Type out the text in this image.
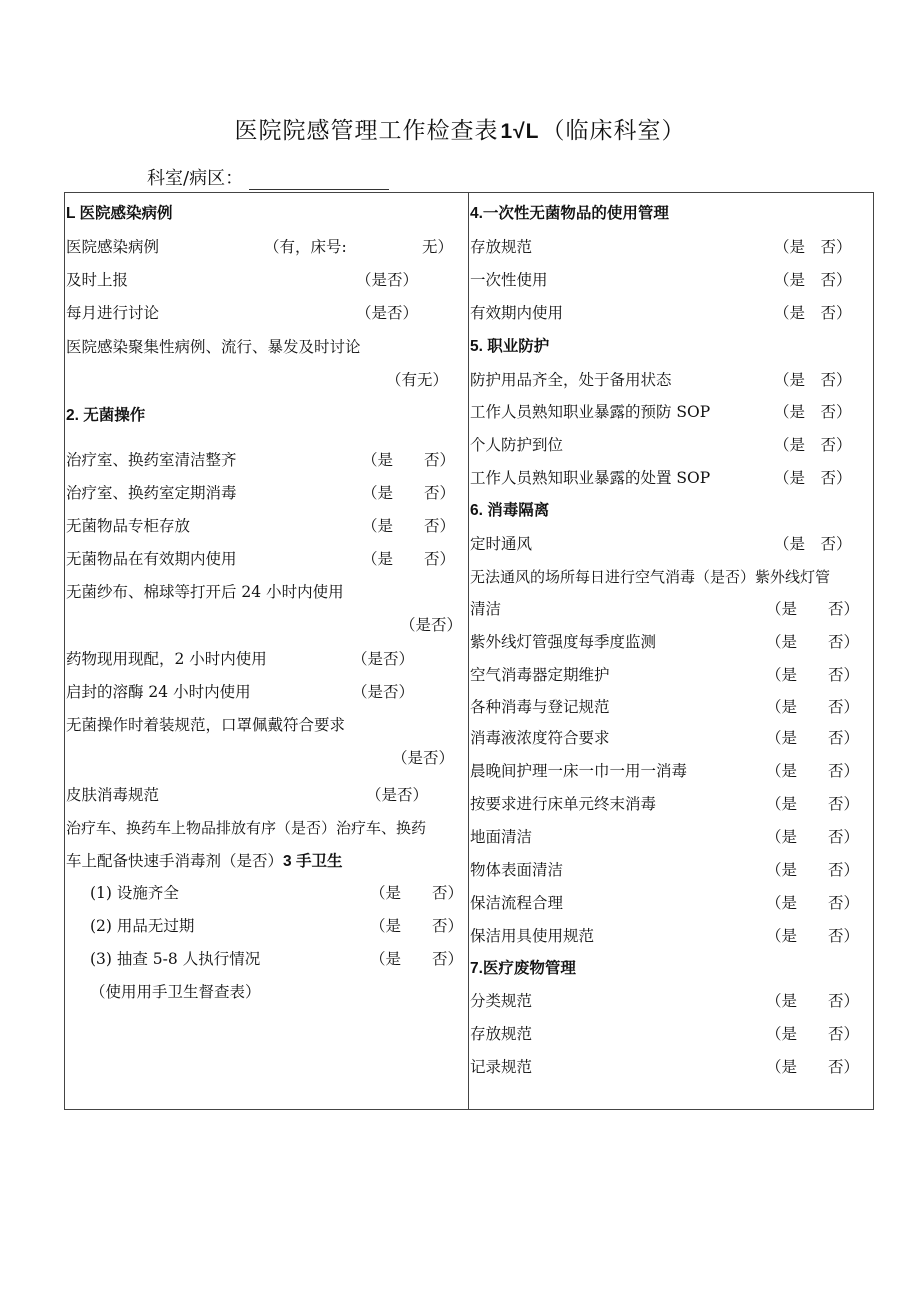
医院院感管理工作检查表1√L（临床科室）
科室/病区：
L 医院感染病例
医院感染病例	（有，床号:	无）
及时上报	（是否）
每月进行讨论	（是否）
医院感染聚集性病例、流行、暴发及时讨论
（有无）
2. 无菌操作
治疗室、换药室清洁整齐	（是　　否）
治疗室、换药室定期消毒	（是　　否）
无菌物品专柜存放	（是　　否）
无菌物品在有效期内使用	（是　　否）
无菌纱布、棉球等打开后 24 小时内使用
（是否）
药物现用现配，2 小时内使用	（是否）
启封的溶酶 24 小时内使用	（是否）
无菌操作时着装规范，口罩佩戴符合要求
（是否）
皮肤消毒规范	（是否）
治疗车、换药车上物品排放有序（是否）治疗车、换药
车上配备快速手消毒剂（是否）3 手卫生
(1) 设施齐全	（是　　否）
(2) 用品无过期	（是　　否）
(3) 抽查 5-8 人执行情况	（是　　否）
（使用用手卫生督查表）
4.一次性无菌物品的使用管理
存放规范	（是　否）
一次性使用	（是　否）
有效期内使用	（是　否）
5. 职业防护
防护用品齐全，处于备用状态	（是　否）
工作人员熟知职业暴露的预防 SOP	（是　否）
个人防护到位	（是　否）
工作人员熟知职业暴露的处置 SOP	（是　否）
6. 消毒隔离
定时通风	（是　否）
无法通风的场所每日进行空气消毒（是否）紫外线灯管
清洁	（是　　否）
紫外线灯管强度每季度监测	（是　　否）
空气消毒器定期维护	（是　　否）
各种消毒与登记规范	（是　　否）
消毒液浓度符合要求	（是　　否）
晨晚间护理一床一巾一用一消毒	（是　　否）
按要求进行床单元终末消毒	（是　　否）
地面清洁	（是　　否）
物体表面清洁	（是　　否）
保洁流程合理	（是　　否）
保洁用具使用规范	（是　　否）
7.医疗废物管理
分类规范	（是　　否）
存放规范	（是　　否）
记录规范	（是　　否）
